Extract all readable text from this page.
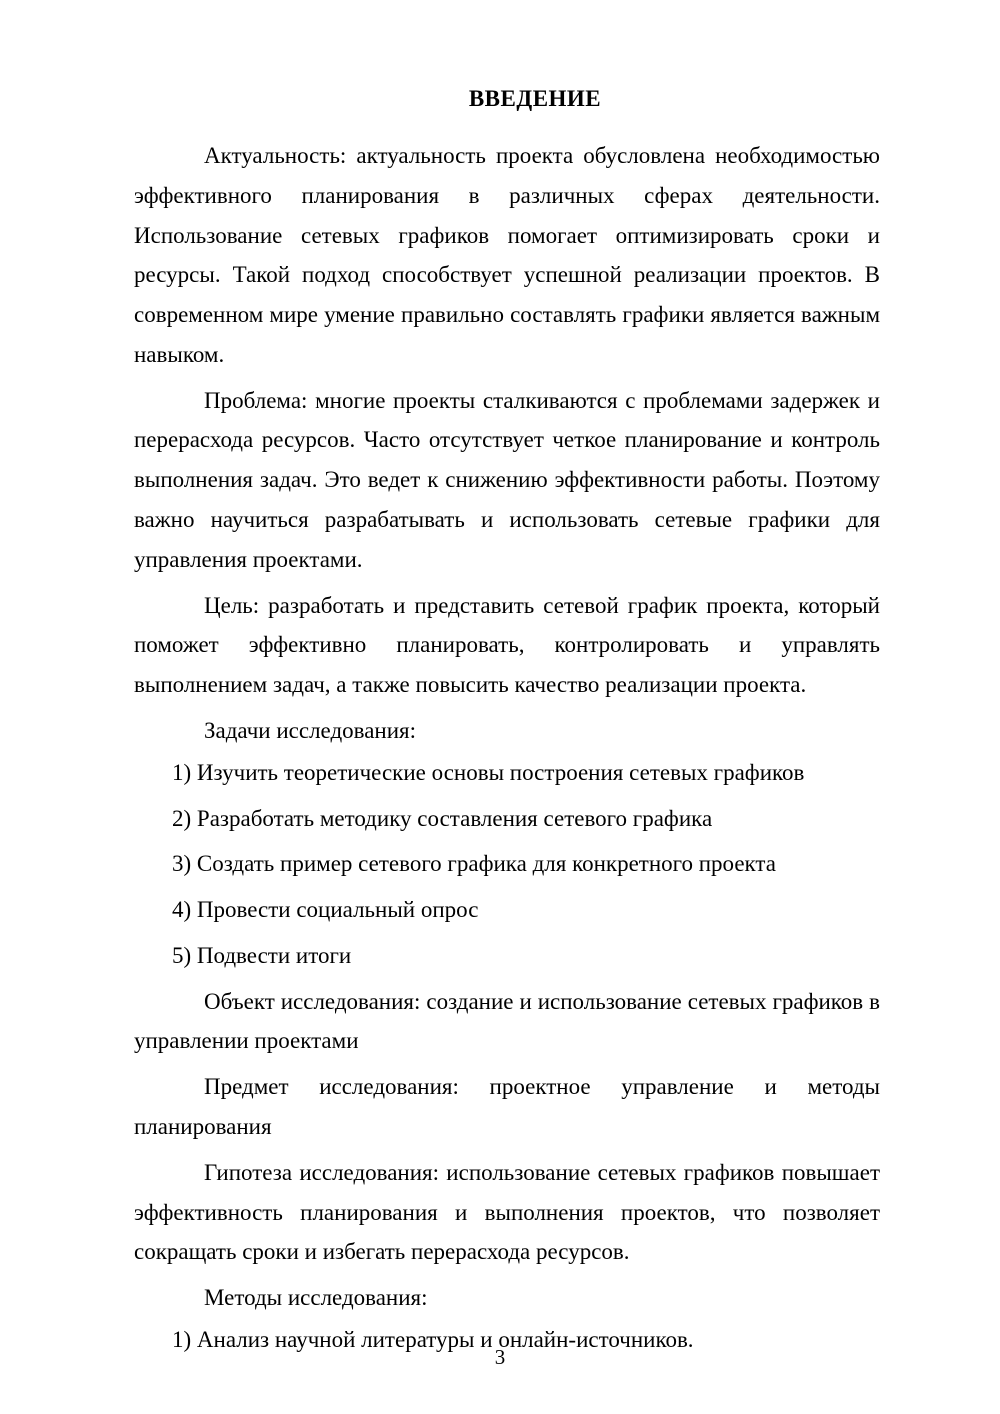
ВВЕДЕНИЕ

Актуальность: актуальность проекта обусловлена необходимостью эффективного планирования в различных сферах деятельности. Использование сетевых графиков помогает оптимизировать сроки и ресурсы. Такой подход способствует успешной реализации проектов. В современном мире умение правильно составлять графики является важным навыком.

Проблема: многие проекты сталкиваются с проблемами задержек и перерасхода ресурсов. Часто отсутствует четкое планирование и контроль выполнения задач. Это ведет к снижению эффективности работы. Поэтому важно научиться разрабатывать и использовать сетевые графики для управления проектами.

Цель: разработать и представить сетевой график проекта, который поможет эффективно планировать, контролировать и управлять выполнением задач, а также повысить качество реализации проекта.

Задачи исследования:

1) Изучить теоретические основы построения сетевых графиков

2) Разработать методику составления сетевого графика

3) Создать пример сетевого графика для конкретного проекта

4) Провести социальный опрос

5) Подвести итоги

Объект исследования: создание и использование сетевых графиков в управлении проектами

Предмет исследования: проектное управление и методы планирования

Гипотеза исследования: использование сетевых графиков повышает эффективность планирования и выполнения проектов, что позволяет сокращать сроки и избегать перерасхода ресурсов.

Методы исследования:

1) Анализ научной литературы и онлайн-источников.

3
